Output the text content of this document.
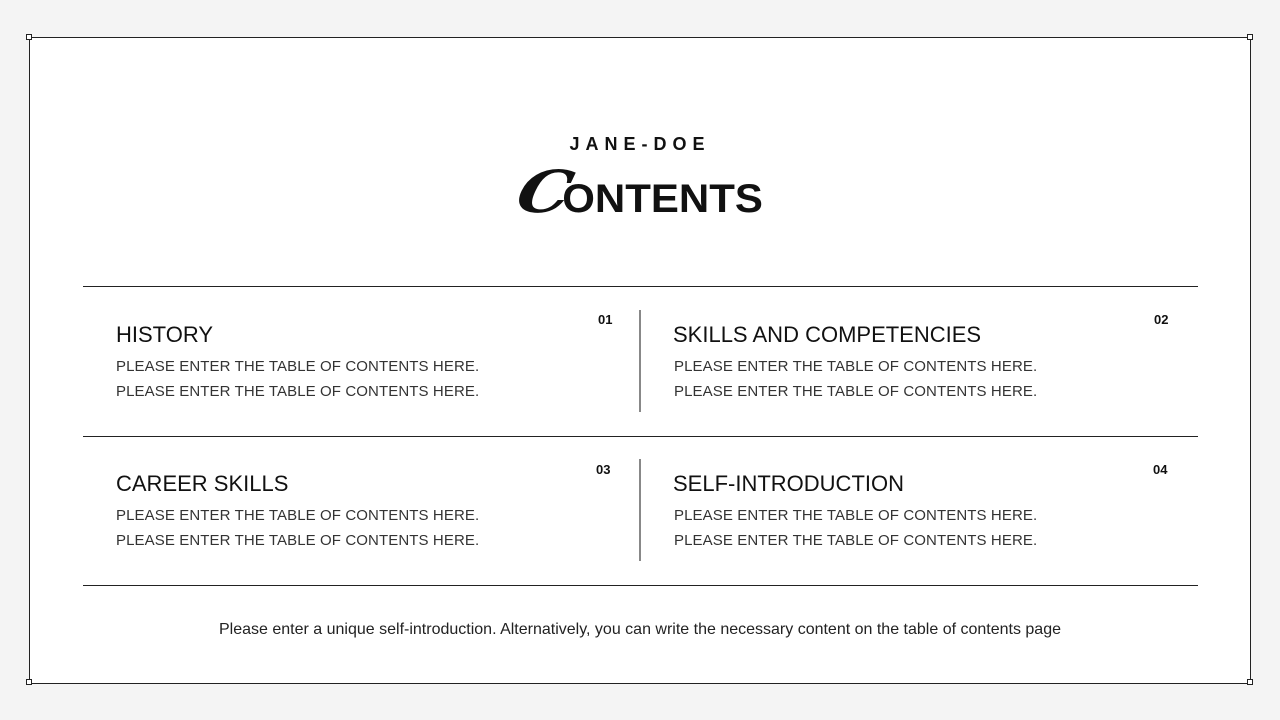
JANE-DOE
CONTENTS
01
HISTORY
PLEASE ENTER THE TABLE OF CONTENTS HERE.
PLEASE ENTER THE TABLE OF CONTENTS HERE.
02
SKILLS AND COMPETENCIES
PLEASE ENTER THE TABLE OF CONTENTS HERE.
PLEASE ENTER THE TABLE OF CONTENTS HERE.
03
CAREER SKILLS
PLEASE ENTER THE TABLE OF CONTENTS HERE.
PLEASE ENTER THE TABLE OF CONTENTS HERE.
04
SELF-INTRODUCTION
PLEASE ENTER THE TABLE OF CONTENTS HERE.
PLEASE ENTER THE TABLE OF CONTENTS HERE.
Please enter a unique self-introduction. Alternatively, you can write the necessary content on the table of contents page
